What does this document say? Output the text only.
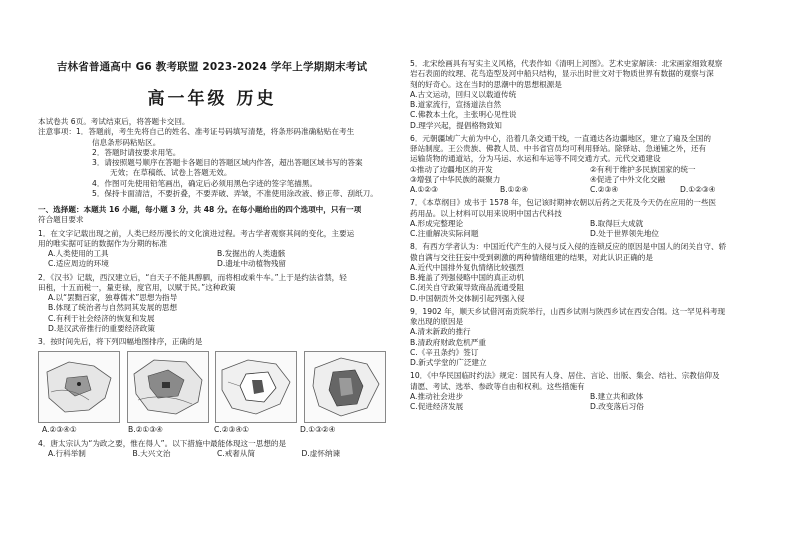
吉林省普通高中 G6 教考联盟 2023-2024 学年上学期期末考试
高一年级 历史
本试卷共 6页。考试结束后，将答题卡交回。
注意事项：1．答题前，考生先将自己的姓名、准考证号码填写清楚，将条形码准确粘贴在考生
信息条形码粘贴区。
2．答题时请按要求用笔。
3．请按照题号顺序在答题卡各题目的答题区域内作答，超出答题区域书写的答案
无效；在草稿纸、试卷上答题无效。
4．作图可先使用铅笔画出，确定后必须用黑色字迹的签字笔描黑。
5．保持卡面清洁，不要折叠，不要弄破、弄皱，不准使用涂改液、修正带、刮纸刀。
一、选择题：本题共 16 小题，每小题 3 分，共 48 分。在每小题给出的四个选项中，只有一项
符合题目要求
1．在文字记载出现之前，人类已经历漫长的文化演进过程。考古学者观察其间的变化，主要运
用的唯实据可证的数据作为分期的标准
A.人类使用的工具	B.发掘出的人类遗骸
C.适应周边的环境	D.遗址中动植物残留
2．《汉书》记载，西汉建立后，“自天子不能具醇驷，而将相或乘牛车。”上于是约法省禁，轻
田租，十五而税一，量吏禄，度官用，以赋于民。”这种政策
A.以“罢黜百家，独尊儒术”思想为指导
B.体现了统治者与自然同其发展的思想
C.有利于社会经济的恢复和发展
D.是汉武帝推行的重要经济政策
3．按时间先后，将下列四幅地图排序，正确的是
A.②③④①	B.②①③④	C.②③④①	D.①③②④
4．唐太宗认为“为政之要，惟在得人”。以下措施中最能体现这一思想的是
A.行科举制	B.大兴文治	C.戒奢从简	D.虚怀纳谏
5．北宋绘画具有写实主义风格，代表作如《清明上河图》。艺术史家解读：北宋画家细致观察
岩石表面的纹理、花鸟造型及河中船只结构，显示出时世文对于物质世界有数据的观察与深
刻的好奇心。这在当时的思潮中的思想根源是
A.古文运动，回归义以载道传统
B.道家流行，宣扬道法自然
C.佛教本土化，主张明心见性说
D.理学兴起，提倡格物致知
6．元朝疆域广大前为中心，沿着几条交通干线，一直通达各边疆地区，建立了遍及全国的
驿站制度。王公贵族、佛教人员、中书省官员均可利用驿站。除驿站、急递铺之外，还有
运输货物的通道站，分为马运、水运和车运等不同交通方式。元代交通建设
①推动了边疆地区的开发	②有利于维护多民族国家的统一
③增强了中华民族的凝聚力	④促进了中外文化交融
A.①②③	B.①②④	C.②③④	D.①②③④
7．《本草纲目》成书于 1578 年，包记该时期神农朝以后药之天花及今天仍在应用的一些医
药用品。以上材料可以用来说明中国古代科技
A.形成完整理论	B.取得巨大成就
C.注重解决实际问题	D.处于世界领先地位
8．有西方学者认为：中国近代产生的入侵与反入侵的连锁反应的原因是中国人的闭关自守、轿
傲自满与交往狂妄中受到刺激的两种情绪组建的结果，对此认识正确的是
A.近代中国排外复仇情绪比较强烈
B.掩盖了列强侵略中国的真正动机
C.闭关自守政策导致商品流通受阻
D.中国朝贡外交体制引起列强入侵
9．1902 年，顺天乡试借河南贡院举行，山西乡试则与陕西乡试在西安合闱。这一罕见科考现
象出现的原因是
A.清末新政的推行
B.清政府财政危机严重
C.《辛丑条约》签订
D.新式学堂的广泛建立
10．《中华民国临时约法》规定：国民有人身、居住、言论、出版、集会、结社、宗教信仰及
请愿、考试、选举、参政等自由和权利。这些措施有
A.推动社会进步	B.建立共和政体
C.促进经济发展	D.改变落后习俗
